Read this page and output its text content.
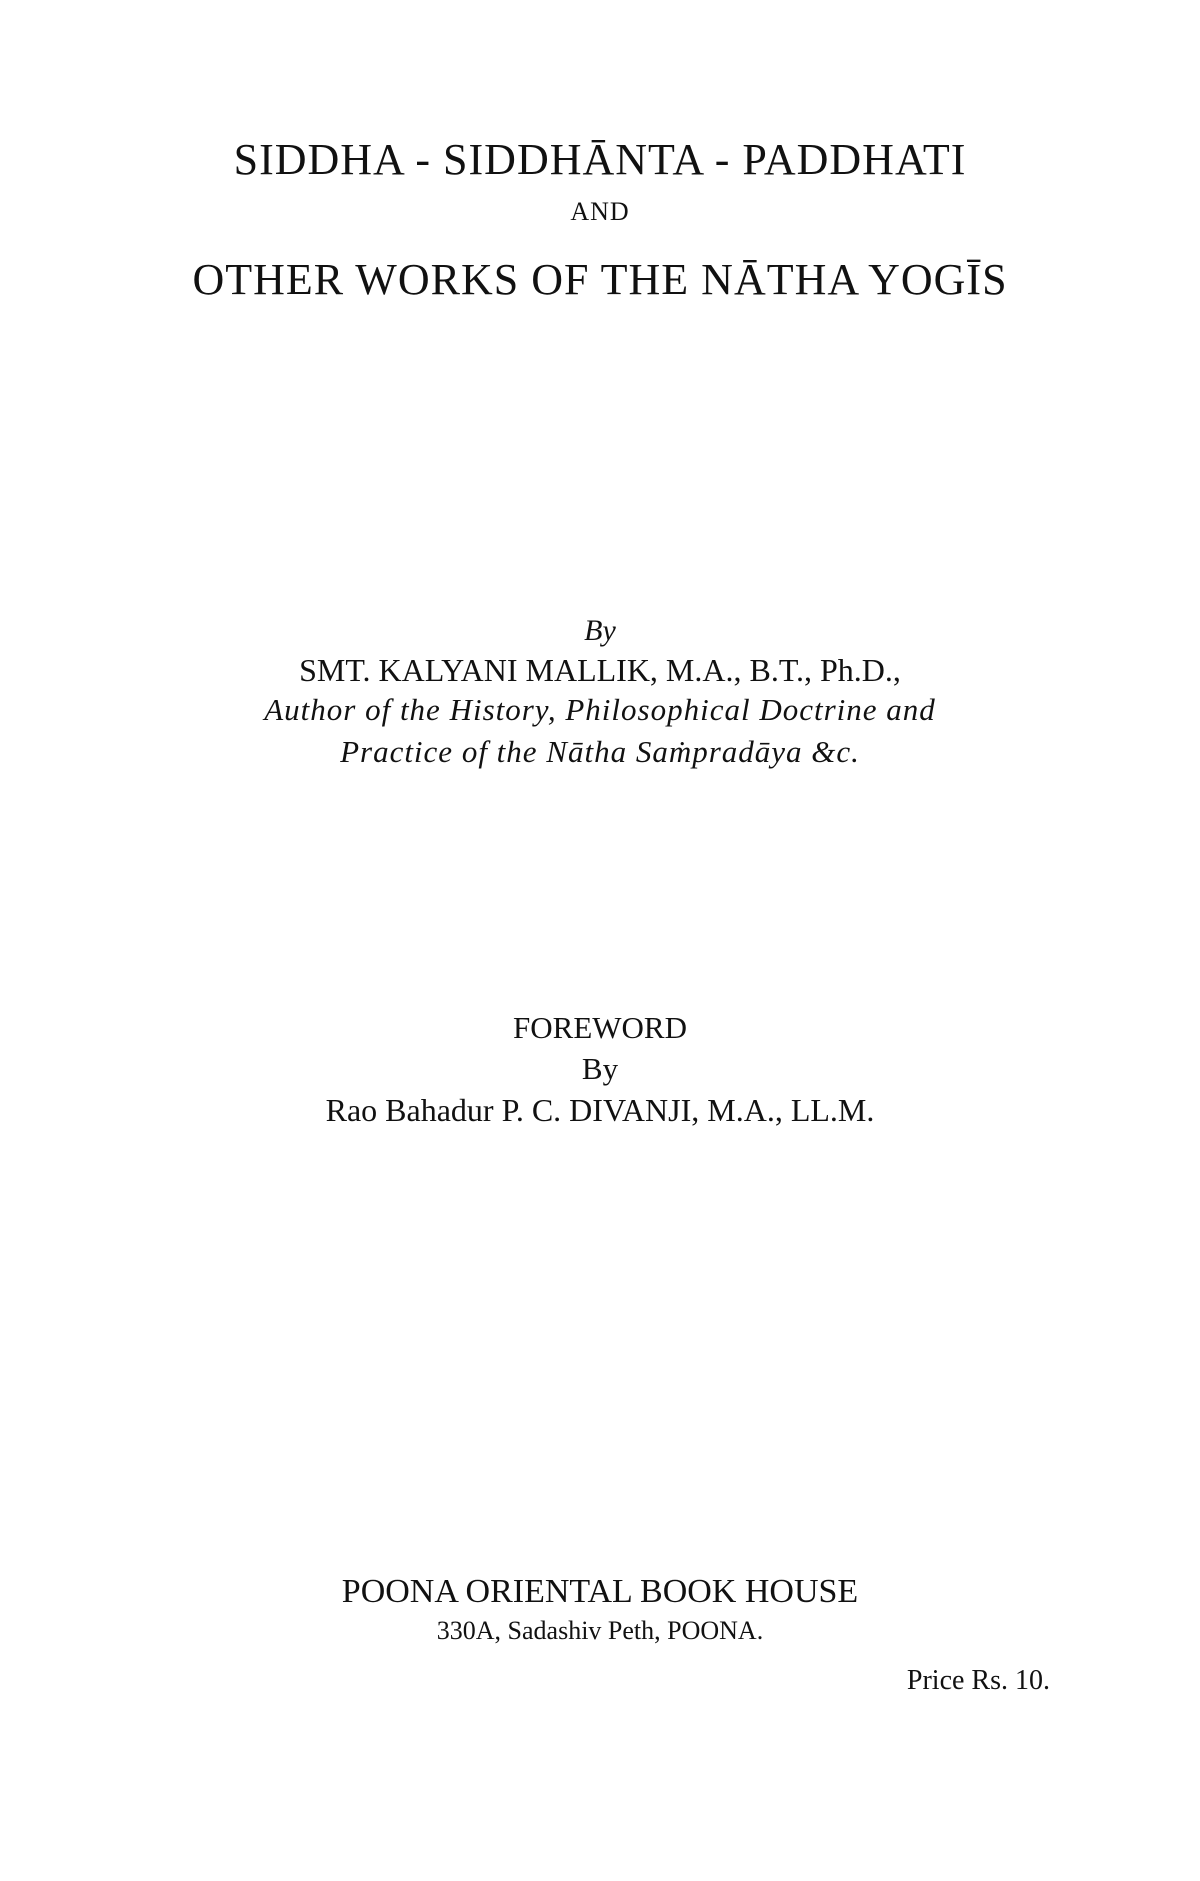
SIDDHA - SIDDHĀNTA - PADDHATI
AND
OTHER WORKS OF THE NĀTHA YOGĪS
By
SMT. KALYANI MALLIK, M.A., B.T., Ph.D.,
Author of the History, Philosophical Doctrine and
Practice of the Nātha Saṁpradāya &c.
FOREWORD
By
Rao Bahadur P. C. DIVANJI, M.A., LL.M.
POONA ORIENTAL BOOK HOUSE
330A, Sadashiv Peth, POONA.
Price Rs. 10.
